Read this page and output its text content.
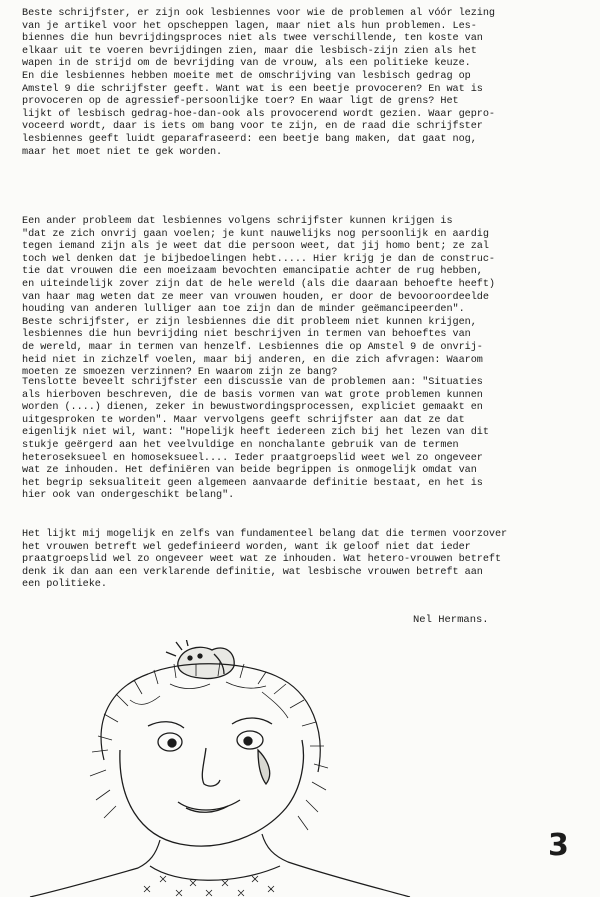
Beste schrijfster, er zijn ook lesbiennes voor wie de problemen al vóór lezing
van je artikel voor het opscheppen lagen, maar niet als hun problemen. Les-
biennes die hun bevrijdingsproces niet als twee verschillende, ten koste van
elkaar uit te voeren bevrijdingen zien, maar die lesbisch-zijn zien als het
wapen in de strijd om de bevrijding van de vrouw, als een politieke keuze.
En die lesbiennes hebben moeite met de omschrijving van lesbisch gedrag op
Amstel 9 die schrijfster geeft. Want wat is een beetje provoceren? En wat is
provoceren op de agressief-persoonlijke toer? En waar ligt de grens? Het
lijkt of lesbisch gedrag-hoe-dan-ook als provocerend wordt gezien. Waar gepro-
voceerd wordt, daar is iets om bang voor te zijn, en de raad die schrijfster
lesbiennes geeft luidt geparafraseerd: een beetje bang maken, dat gaat nog,
maar het moet niet te gek worden.

Een ander probleem dat lesbiennes volgens schrijfster kunnen krijgen is
"dat ze zich onvrij gaan voelen; je kunt nauwelijks nog persoonlijk en aardig
tegen iemand zijn als je weet dat die persoon weet, dat jij homo bent; ze zal
toch wel denken dat je bijbedoelingen hebt..... Hier krijg je dan de construc-
tie dat vrouwen die een moeizaam bevochten emancipatie achter de rug hebben,
en uiteindelijk zover zijn dat de hele wereld (als die daaraan behoefte heeft)
van haar mag weten dat ze meer van vrouwen houden, er door de bevooroordeelde
houding van anderen lulliger aan toe zijn dan de minder geëmancipeerden".
Beste schrijfster, er zijn lesbiennes die dit probleem niet kunnen krijgen,
lesbiennes die hun bevrijding niet beschrijven in termen van behoeftes van
de wereld, maar in termen van henzelf. Lesbiennes die op Amstel 9 de onvrij-
heid niet in zichzelf voelen, maar bij anderen, en die zich afvragen: Waarom
moeten ze smoezen verzinnen? En waarom zijn ze bang?

Tenslotte beveelt schrijfster een discussie van de problemen aan: "Situaties
als hierboven beschreven, die de basis vormen van wat grote problemen kunnen
worden (....) dienen, zeker in bewustwordingsprocessen, expliciet gemaakt en
uitgesproken te worden". Maar vervolgens geeft schrijfster aan dat ze dat
eigenlijk niet wil, want: "Hopelijk heeft iedereen zich bij het lezen van dit
stukje geërgerd aan het veelvuldige en nonchalante gebruik van de termen
heteroseksueel en homoseksueel.... Ieder praatgroepslid weet wel zo ongeveer
wat ze inhouden. Het definiëren van beide begrippen is onmogelijk omdat van
het begrip seksualiteit geen algemeen aanvaarde definitie bestaat, en het is
hier ook van ondergeschikt belang".

Het lijkt mij mogelijk en zelfs van fundamenteel belang dat die termen voorzover
het vrouwen betreft wel gedefinieerd worden, want ik geloof niet dat ieder
praatgroepslid wel zo ongeveer weet wat ze inhouden. Wat hetero-vrouwen betreft
denk ik dan aan een verklarende definitie, wat lesbische vrouwen betreft aan
een politieke.

Nel Hermans.
3
